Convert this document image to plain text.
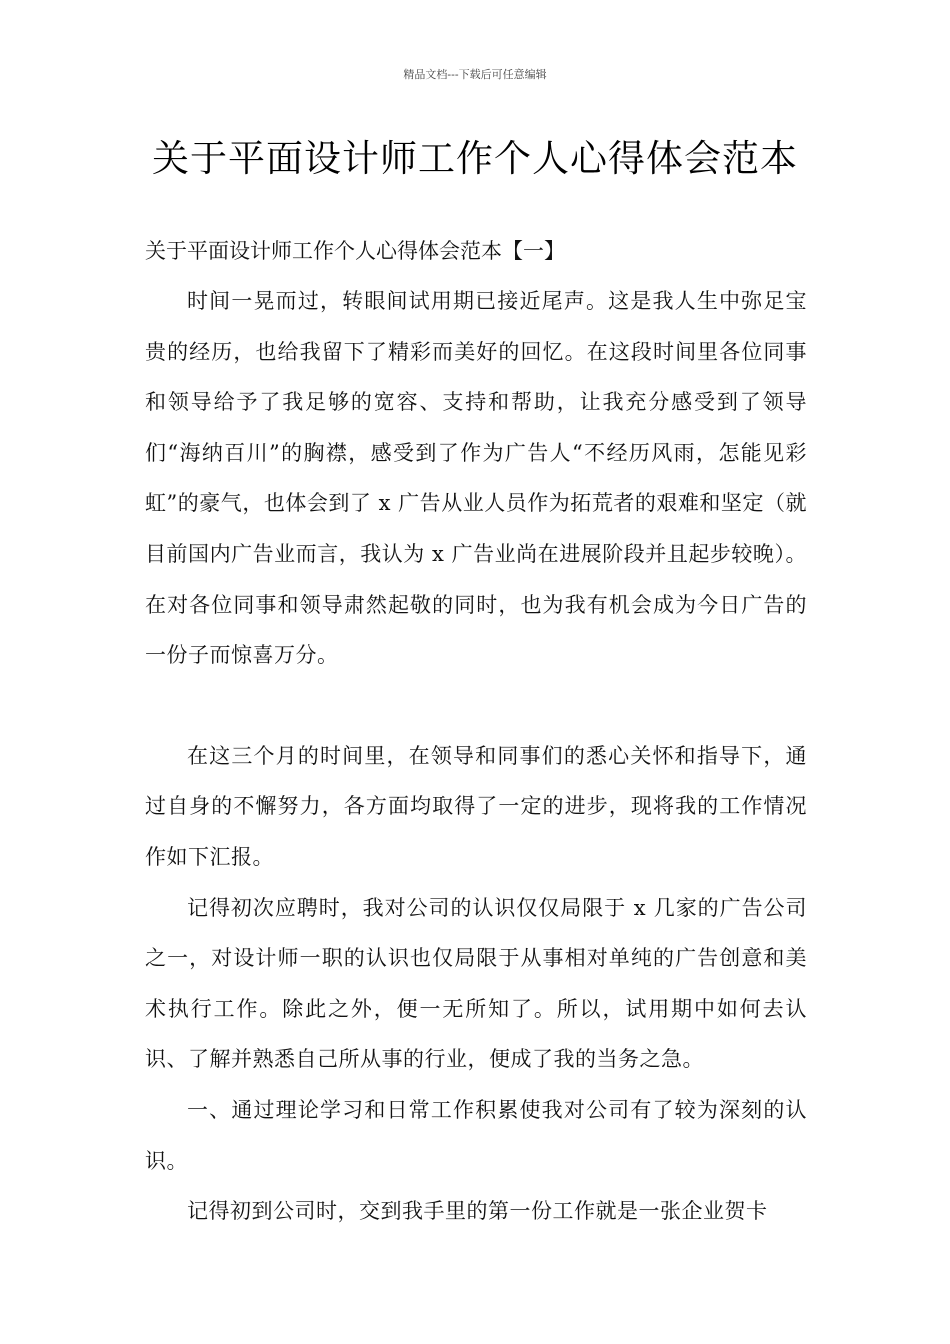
精品文档---下载后可任意编辑
关于平面设计师工作个人心得体会范本

关于平面设计师工作个人心得体会范本【一】

时间一晃而过，转眼间试用期已接近尾声。这是我人生中弥足宝贵的经历，也给我留下了精彩而美好的回忆。在这段时间里各位同事和领导给予了我足够的宽容、支持和帮助，让我充分感受到了领导们“海纳百川”的胸襟，感受到了作为广告人“不经历风雨，怎能见彩虹”的豪气，也体会到了 x 广告从业人员作为拓荒者的艰难和坚定（就目前国内广告业而言，我认为 x 广告业尚在进展阶段并且起步较晚）。在对各位同事和领导肃然起敬的同时，也为我有机会成为今日广告的一份子而惊喜万分。

在这三个月的时间里，在领导和同事们的悉心关怀和指导下，通过自身的不懈努力，各方面均取得了一定的进步，现将我的工作情况作如下汇报。

记得初次应聘时，我对公司的认识仅仅局限于 x 几家的广告公司之一，对设计师一职的认识也仅局限于从事相对单纯的广告创意和美术执行工作。除此之外，便一无所知了。所以，试用期中如何去认识、了解并熟悉自己所从事的行业，便成了我的当务之急。

一、通过理论学习和日常工作积累使我对公司有了较为深刻的认识。

记得初到公司时，交到我手里的第一份工作就是一张企业贺卡
